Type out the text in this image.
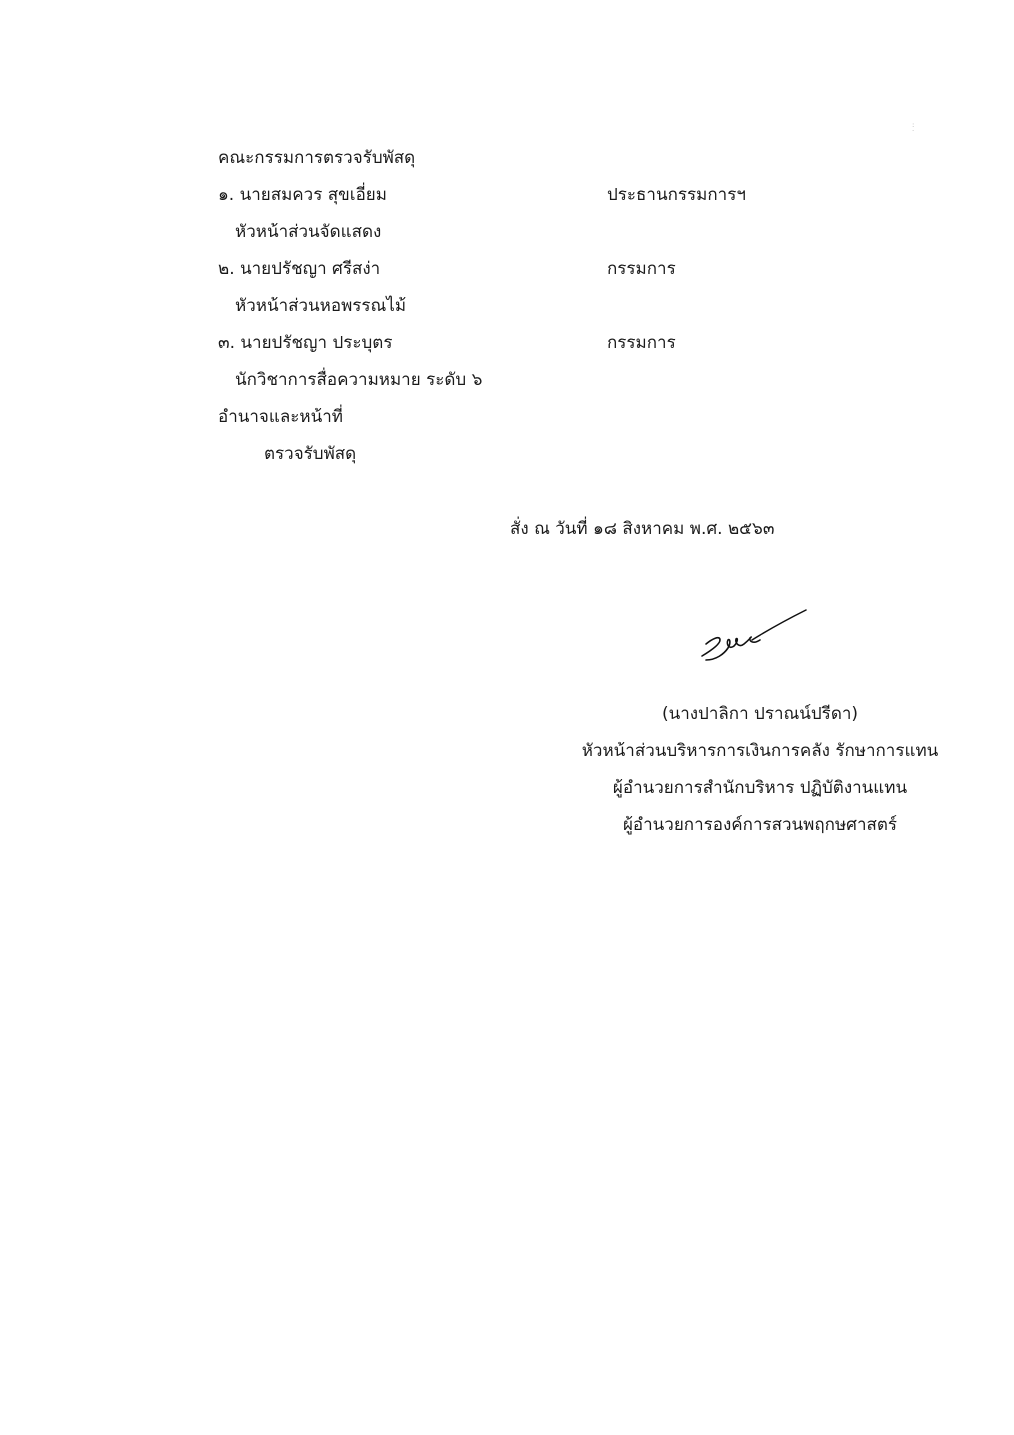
:
·
คณะกรรมการตรวจรับพัสดุ
๑. นายสมควร สุขเอี่ยม	ประธานกรรมการฯ
หัวหน้าส่วนจัดแสดง
๒. นายปรัชญา ศรีสง่า	กรรมการ
หัวหน้าส่วนหอพรรณไม้
๓. นายปรัชญา ประบุตร	กรรมการ
นักวิชาการสื่อความหมาย ระดับ ๖
อำนาจและหน้าที่
ตรวจรับพัสดุ
สั่ง ณ วันที่ ๑๘ สิงหาคม พ.ศ. ๒๕๖๓
(นางปาลิกา ปราณน์ปรีดา)
หัวหน้าส่วนบริหารการเงินการคลัง รักษาการแทน
ผู้อำนวยการสำนักบริหาร ปฏิบัติงานแทน
ผู้อำนวยการองค์การสวนพฤกษศาสตร์
